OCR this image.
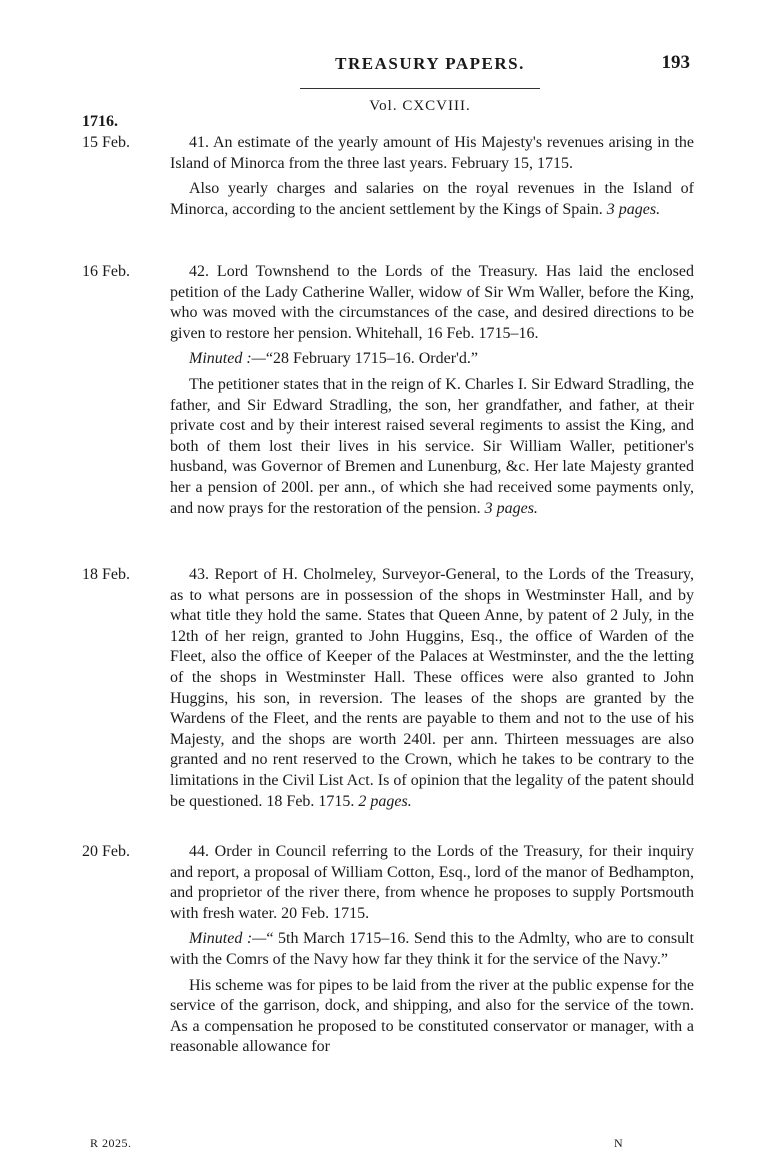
TREASURY PAPERS.	193
Vol. CXCVIII.
1716.
15 Feb.	41. An estimate of the yearly amount of His Majesty's revenues arising in the Island of Minorca from the three last years. February 15, 1715.

Also yearly charges and salaries on the royal revenues in the Island of Minorca, according to the ancient settlement by the Kings of Spain. 3 pages.

16 Feb.	42. Lord Townshend to the Lords of the Treasury. Has laid the enclosed petition of the Lady Catherine Waller, widow of Sir Wm Waller, before the King, who was moved with the circumstances of the case, and desired directions to be given to restore her pension. Whitehall, 16 Feb. 1715–16.

Minuted :—“28 February 1715–16. Order'd.”

The petitioner states that in the reign of K. Charles I. Sir Edward Stradling, the father, and Sir Edward Stradling, the son, her grandfather, and father, at their private cost and by their interest raised several regiments to assist the King, and both of them lost their lives in his service. Sir William Waller, petitioner's husband, was Governor of Bremen and Lunenburg, &c. Her late Majesty granted her a pension of 200l. per ann., of which she had received some payments only, and now prays for the restoration of the pension. 3 pages.

18 Feb.	43. Report of H. Cholmeley, Surveyor-General, to the Lords of the Treasury, as to what persons are in possession of the shops in Westminster Hall, and by what title they hold the same. States that Queen Anne, by patent of 2 July, in the 12th of her reign, granted to John Huggins, Esq., the office of Warden of the Fleet, also the office of Keeper of the Palaces at Westminster, and the the letting of the shops in Westminster Hall. These offices were also granted to John Huggins, his son, in reversion. The leases of the shops are granted by the Wardens of the Fleet, and the rents are payable to them and not to the use of his Majesty, and the shops are worth 240l. per ann. Thirteen messuages are also granted and no rent reserved to the Crown, which he takes to be contrary to the limitations in the Civil List Act. Is of opinion that the legality of the patent should be questioned. 18 Feb. 1715. 2 pages.

20 Feb.	44. Order in Council referring to the Lords of the Treasury, for their inquiry and report, a proposal of William Cotton, Esq., lord of the manor of Bedhampton, and proprietor of the river there, from whence he proposes to supply Portsmouth with fresh water. 20 Feb. 1715.

Minuted :—“ 5th March 1715–16. Send this to the Admlty, who are to consult with the Comrs of the Navy how far they think it for the service of the Navy.”

His scheme was for pipes to be laid from the river at the public expense for the service of the garrison, dock, and shipping, and also for the service of the town. As a compensation he proposed to be constituted conservator or manager, with a reasonable allowance for

R 2025.	N
